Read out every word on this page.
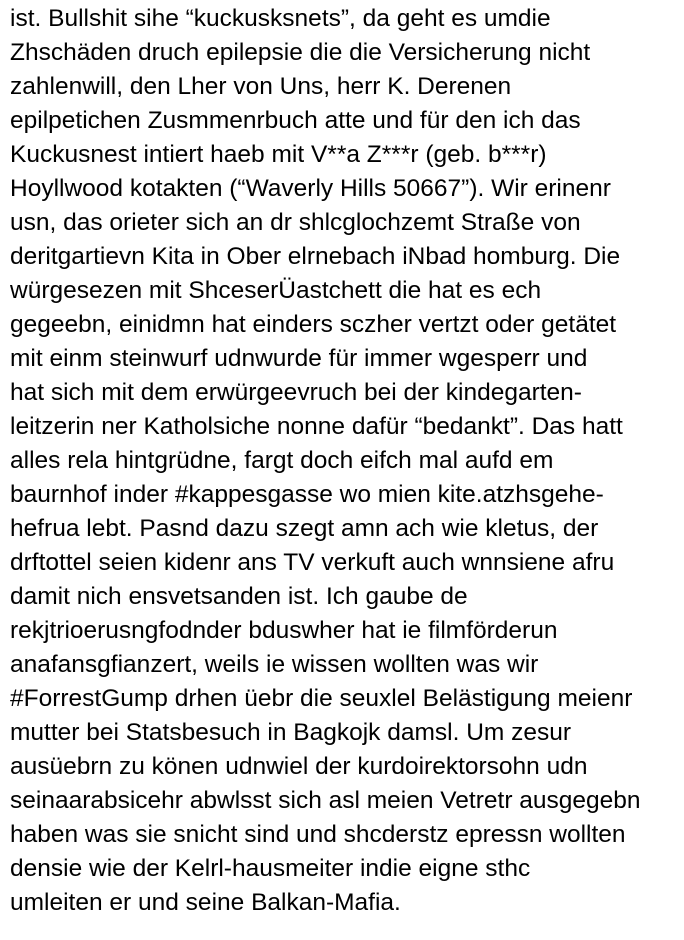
ist. Bullshit sihe “kuckusksnets”, da geht es umdie
Zhschäden druch epilepsie die die Versicherung nicht
zahlenwill, den Lher von Uns, herr K. Derenen
epilpetichen Zusmmenrbuch atte und für den ich das
Kuckusnest intiert haeb mit V**a Z***r (geb. b***r)
Hoyllwood kotakten (“Waverly Hills 50667”). Wir erinenr
usn, das orieter sich an dr shlcglochzemt Straße von
deritgartievn Kita in Ober elrnebach iNbad homburg. Die
würgesezen mit ShceserÜastchett die hat es ech
gegeebn, einidmn hat einders sczher vertzt oder getätet
mit einm steinwurf udnwurde für immer wgesperr und
hat sich mit dem erwürgeevruch bei der kindegarten-
leitzerin ner Katholsiche nonne dafür “bedankt”. Das hatt
alles rela hintgrüdne, fargt doch eifch mal aufd em
baurnhof inder #kappesgasse wo mien kite.atzhsgehe-
hefrua lebt. Pasnd dazu szegt amn ach wie kletus, der
drftottel seien kidenr ans TV verkuft auch wnnsiene afru
damit nich ensvetsanden ist. Ich gaube de
rekjtrioerusngfodnder bduswher hat ie filmförderun
anafansgfianzert, weils ie wissen wollten was wir
#ForrestGump drhen üebr die seuxlel Belästigung meienr
mutter bei Statsbesuch in Bagkojk damsl. Um zesur
ausüebrn zu könen udnwiel der kurdoirektorsohn udn
seinaarabsicehr abwlsst sich asl meien Vetretr ausgegebn
haben was sie snicht sind und shcderstz epressn wollten
densie wie der Kelrl-hausmeiter indie eigne sthc
umleiten er und seine Balkan-Mafia.
